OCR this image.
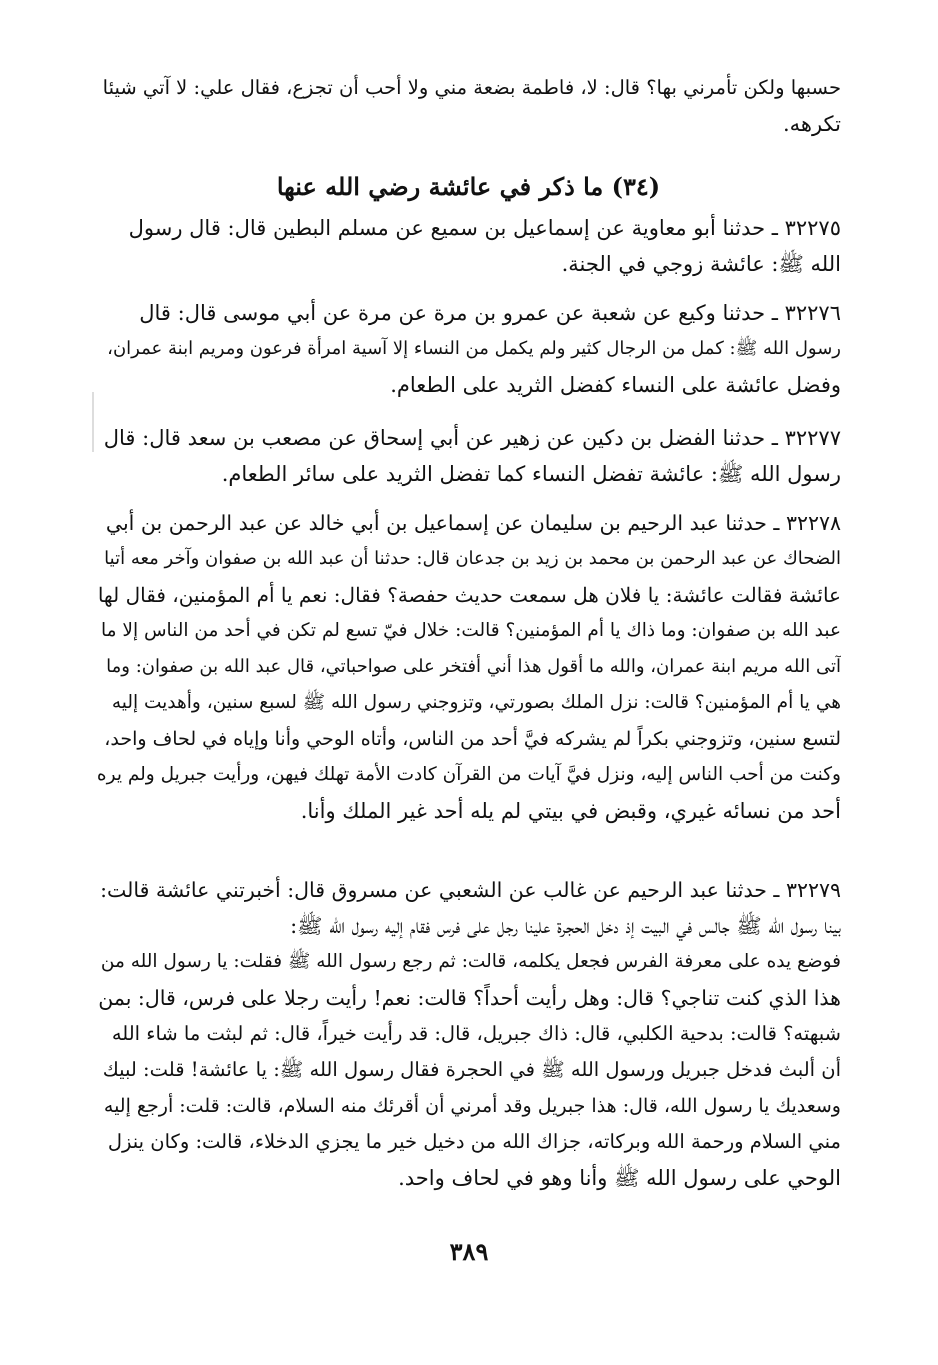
حسبها ولكن تأمرني بها؟ قال: لا، فاطمة بضعة مني ولا أحب أن تجزع، فقال علي: لا آتي شيئا
تكرهه.
(٣٤) ما ذكر في عائشة رضي الله عنها
٣٢٢٧٥ ـ حدثنا أبو معاوية عن إسماعيل بن سميع عن مسلم البطين قال: قال رسول
الله ﷺ: عائشة زوجي في الجنة.
٣٢٢٧٦ ـ حدثنا وكيع عن شعبة عن عمرو بن مرة عن مرة عن أبي موسى قال: قال
رسول الله ﷺ: كمل من الرجال كثير ولم يكمل من النساء إلا آسية امرأة فرعون ومريم ابنة عمران،
وفضل عائشة على النساء كفضل الثريد على الطعام.
٣٢٢٧٧ ـ حدثنا الفضل بن دكين عن زهير عن أبي إسحاق عن مصعب بن سعد قال: قال
رسول الله ﷺ: عائشة تفضل النساء كما تفضل الثريد على سائر الطعام.
٣٢٢٧٨ ـ حدثنا عبد الرحيم بن سليمان عن إسماعيل بن أبي خالد عن عبد الرحمن بن أبي
الضحاك عن عبد الرحمن بن محمد بن زيد بن جدعان قال: حدثنا أن عبد الله بن صفوان وآخر معه أتيا
عائشة فقالت عائشة: يا فلان هل سمعت حديث حفصة؟ فقال: نعم يا أم المؤمنين، فقال لها
عبد الله بن صفوان: وما ذاك يا أم المؤمنين؟ قالت: خلال فيّ تسع لم تكن في أحد من الناس إلا ما
آتى الله مريم ابنة عمران، والله ما أقول هذا أني أفتخر على صواحباتي، قال عبد الله بن صفوان: وما
هي يا أم المؤمنين؟ قالت: نزل الملك بصورتي، وتزوجني رسول الله ﷺ لسبع سنين، وأهديت إليه
لتسع سنين، وتزوجني بكراً لم يشركه فيَّ أحد من الناس، وأتاه الوحي وأنا وإياه في لحاف واحد،
وكنت من أحب الناس إليه، ونزل فيَّ آيات من القرآن كادت الأمة تهلك فيهن، ورأيت جبريل ولم يره
أحد من نسائه غيري، وقبض في بيتي لم يله أحد غير الملك وأنا.
٣٢٢٧٩ ـ حدثنا عبد الرحيم عن غالب عن الشعبي عن مسروق قال: أخبرتني عائشة قالت:
بينا رسول الله ﷺ جالس في البيت إذ دخل الحجرة علينا رجل على فرس فقام إليه رسول الله ﷺ:
فوضع يده على معرفة الفرس فجعل يكلمه، قالت: ثم رجع رسول الله ﷺ فقلت: يا رسول الله من
هذا الذي كنت تناجي؟ قال: وهل رأيت أحداً؟ قالت: نعم! رأيت رجلا على فرس، قال: بمن
شبهته؟ قالت: بدحية الكلبي، قال: ذاك جبريل، قال: قد رأيت خيراً، قال: ثم لبثت ما شاء الله
أن ألبث فدخل جبريل ورسول الله ﷺ في الحجرة فقال رسول الله ﷺ: يا عائشة! قلت: لبيك
وسعديك يا رسول الله، قال: هذا جبريل وقد أمرني أن أقرئك منه السلام، قالت: قلت: أرجع إليه
مني السلام ورحمة الله وبركاته، جزاك الله من دخيل خير ما يجزي الدخلاء، قالت: وكان ينزل
الوحي على رسول الله ﷺ وأنا وهو في لحاف واحد.
٣٨٩
